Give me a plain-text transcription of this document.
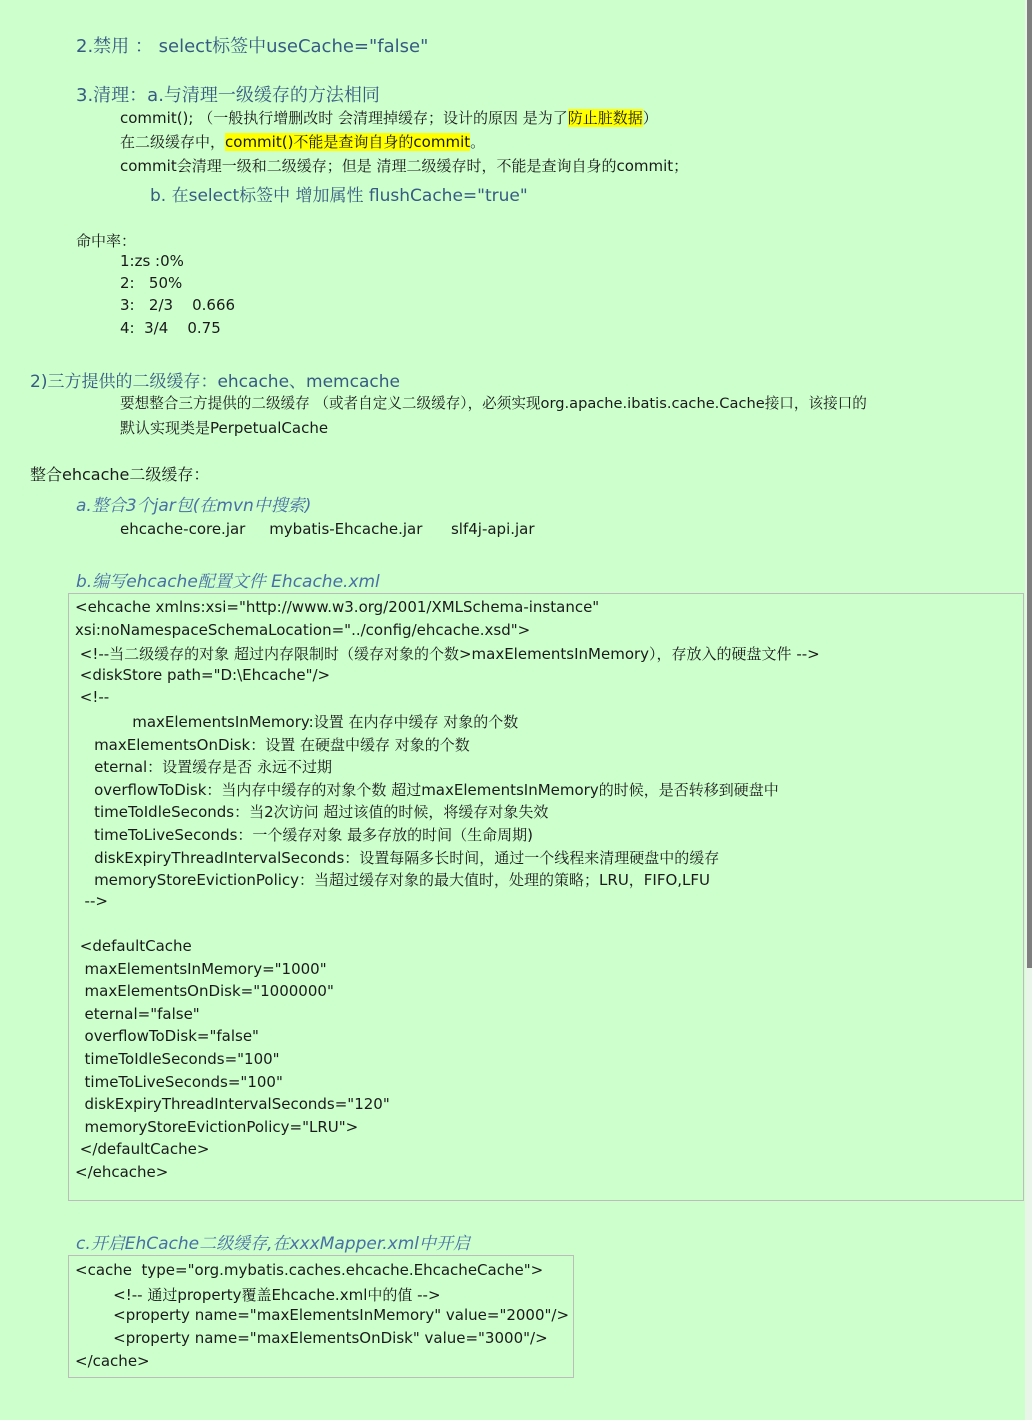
2.禁用 ： select标签中useCache="false"
3.清理：a.与清理一级缓存的方法相同
commit(); （一般执行增删改时 会清理掉缓存；设计的原因 是为了防止脏数据）
在二级缓存中，commit()不能是查询自身的commit。
commit会清理一级和二级缓存；但是 清理二级缓存时，不能是查询自身的commit；
b. 在select标签中 增加属性 flushCache="true"
命中率：
1:zs :0%
2:   50%
3:   2/3    0.666
4:  3/4    0.75
2)三方提供的二级缓存：ehcache、memcache
要想整合三方提供的二级缓存 （或者自定义二级缓存），必须实现org.apache.ibatis.cache.Cache接口，该接口的
默认实现类是PerpetualCache
整合ehcache二级缓存：
a.整合3个jar包(在mvn中搜索)
ehcache-core.jar     mybatis-Ehcache.jar      slf4j-api.jar
b.编写ehcache配置文件 Ehcache.xml
<ehcache xmlns:xsi="http://www.w3.org/2001/XMLSchema-instance"
xsi:noNamespaceSchemaLocation="../config/ehcache.xsd">
<!--当二级缓存的对象 超过内存限制时（缓存对象的个数>maxElementsInMemory），存放入的硬盘文件 -->
<diskStore path="D:\Ehcache"/>
<!--
maxElementsInMemory:设置 在内存中缓存 对象的个数
maxElementsOnDisk：设置 在硬盘中缓存 对象的个数
eternal：设置缓存是否 永远不过期
overflowToDisk：当内存中缓存的对象个数 超过maxElementsInMemory的时候，是否转移到硬盘中
timeToIdleSeconds：当2次访问 超过该值的时候，将缓存对象失效
timeToLiveSeconds：一个缓存对象 最多存放的时间（生命周期)
diskExpiryThreadIntervalSeconds：设置每隔多长时间，通过一个线程来清理硬盘中的缓存
memoryStoreEvictionPolicy：当超过缓存对象的最大值时，处理的策略；LRU，FIFO,LFU
-->
<defaultCache
maxElementsInMemory="1000"
maxElementsOnDisk="1000000"
eternal="false"
overflowToDisk="false"
timeToIdleSeconds="100"
timeToLiveSeconds="100"
diskExpiryThreadIntervalSeconds="120"
memoryStoreEvictionPolicy="LRU">
</defaultCache>
</ehcache>
c.开启EhCache二级缓存,在xxxMapper.xml中开启
<cache  type="org.mybatis.caches.ehcache.EhcacheCache">
<!-- 通过property覆盖Ehcache.xml中的值 -->
<property name="maxElementsInMemory" value="2000"/>
<property name="maxElementsOnDisk" value="3000"/>
</cache>
